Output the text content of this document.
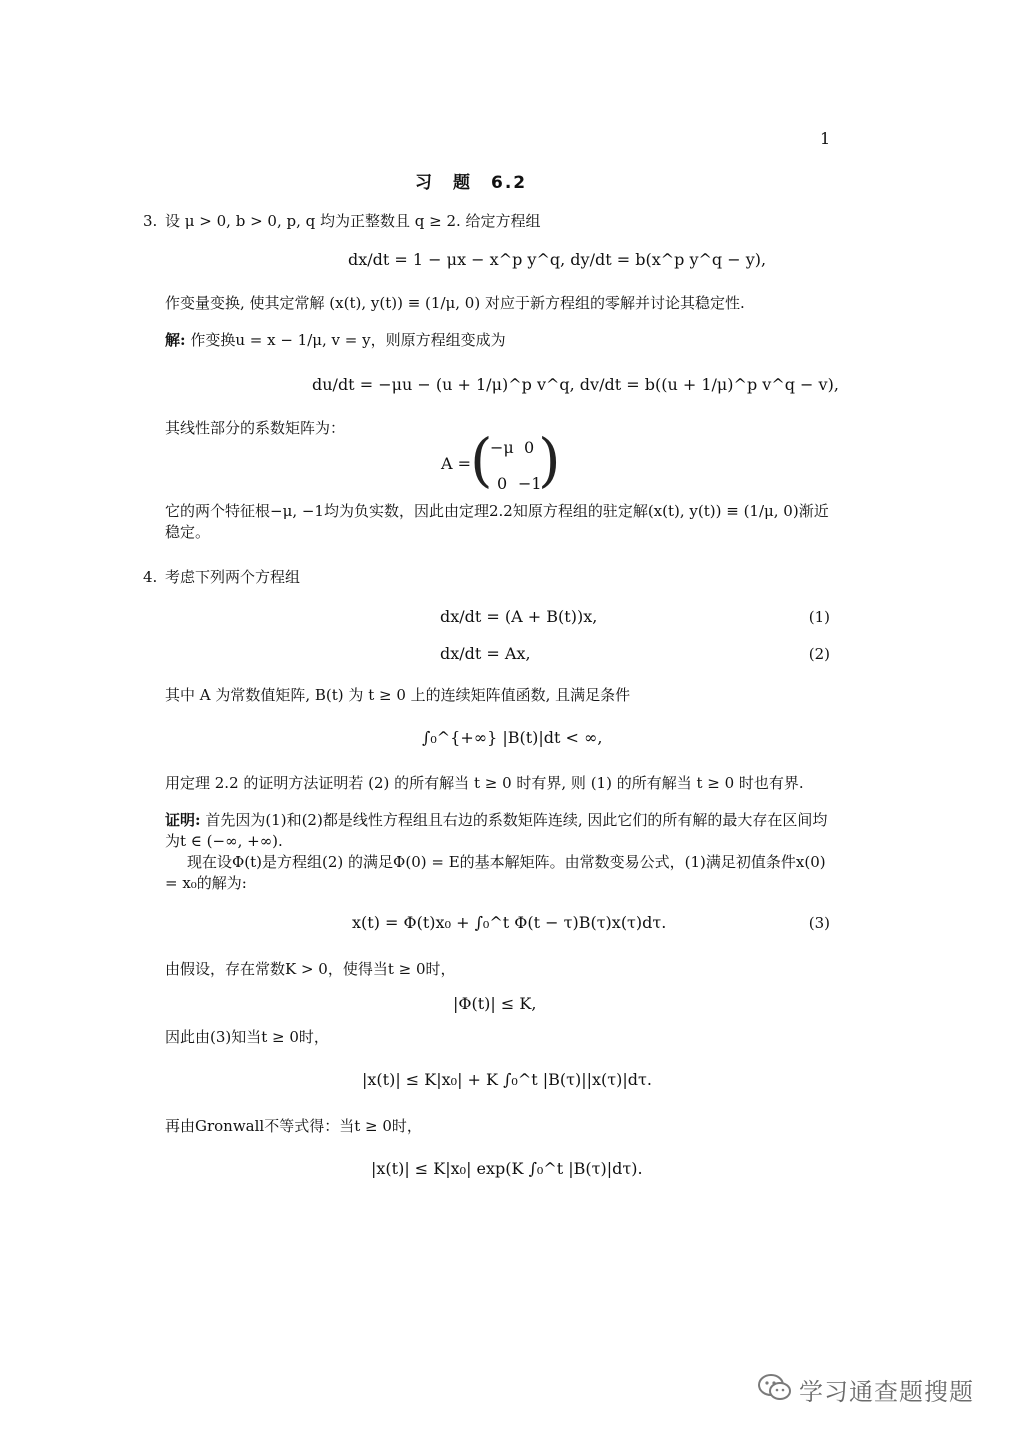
1
习　题　6.2
3. 设 μ > 0, b > 0, p, q 均为正整数且 q ≥ 2. 给定方程组
dx/dt = 1 − μx − x^p y^q, dy/dt = b(x^p y^q − y),
作变量变换, 使其定常解 (x(t), y(t)) ≡ (1/μ, 0) 对应于新方程组的零解并讨论其稳定性.
解: 作变换u = x − 1/μ, v = y，则原方程组变成为
du/dt = −μu − (u + 1/μ)^p v^q, dv/dt = b((u + 1/μ)^p v^q − v),
其线性部分的系数矩阵为：
A =
(
−μ 0
0 −1
)
它的两个特征根−μ, −1均为负实数，因此由定理2.2知原方程组的驻定解(x(t), y(t)) ≡ (1/μ, 0)渐近稳定。
4. 考虑下列两个方程组
dx/dt = (A + B(t))x,	(1)
dx/dt = Ax,	(2)
其中 A 为常数值矩阵, B(t) 为 t ≥ 0 上的连续矩阵值函数, 且满足条件
∫₀^{+∞} |B(t)|dt < ∞,
用定理 2.2 的证明方法证明若 (2) 的所有解当 t ≥ 0 时有界, 则 (1) 的所有解当 t ≥ 0 时也有界.
证明: 首先因为(1)和(2)都是线性方程组且右边的系数矩阵连续, 因此它们的所有解的最大存在区间均为t ∈ (−∞, +∞).
现在设Φ(t)是方程组(2) 的满足Φ(0) = E的基本解矩阵。由常数变易公式，(1)满足初值条件x(0) = x₀的解为:
x(t) = Φ(t)x₀ + ∫₀^t Φ(t − τ)B(τ)x(τ)dτ.	(3)
由假设，存在常数K > 0，使得当t ≥ 0时，
|Φ(t)| ≤ K,
因此由(3)知当t ≥ 0时，
|x(t)| ≤ K|x₀| + K ∫₀^t |B(τ)||x(τ)|dτ.
再由Gronwall不等式得：当t ≥ 0时，
|x(t)| ≤ K|x₀| exp(K ∫₀^t |B(τ)|dτ).
学习通查题搜题
